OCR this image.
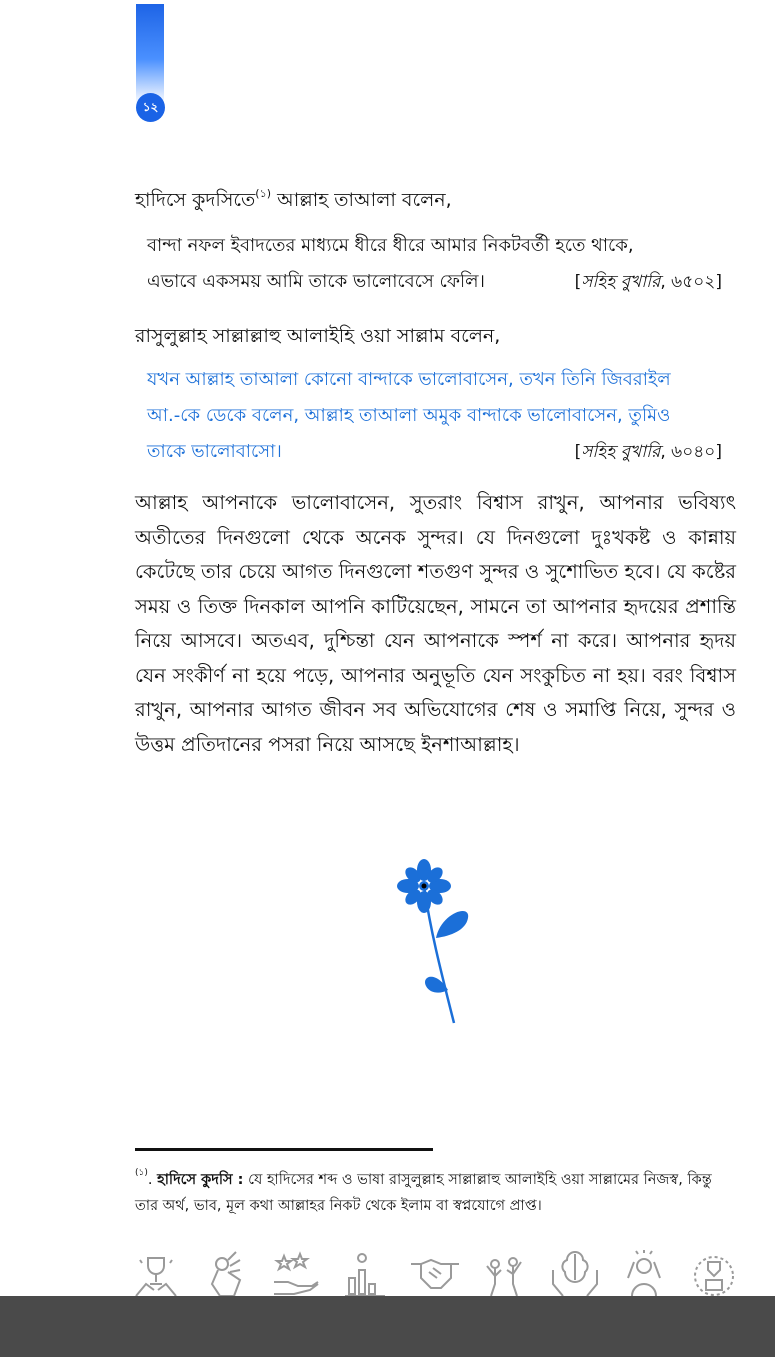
১২
হাদিসে কুদসিতে$^{(১)}$ আল্লাহ তাআলা বলেন,
বান্দা নফল ইবাদতের মাধ্যমে ধীরে ধীরে আমার নিকটবর্তী হতে থাকে,
এভাবে একসময় আমি তাকে ভালোবেসে ফেলি।	[সহিহ বুখারি, ৬৫০২]
রাসুলুল্লাহ সাল্লাল্লাহু আলাইহি ওয়া সাল্লাম বলেন,
যখন আল্লাহ তাআলা কোনো বান্দাকে ভালোবাসেন, তখন তিনি জিবরাইল
আ.-কে ডেকে বলেন, আল্লাহ তাআলা অমুক বান্দাকে ভালোবাসেন, তুমিও
তাকে ভালোবাসো।	[সহিহ বুখারি, ৬০৪০]
আল্লাহ আপনাকে ভালোবাসেন, সুতরাং বিশ্বাস রাখুন, আপনার ভবিষ্যৎ অতীতের দিনগুলো থেকে অনেক সুন্দর। যে দিনগুলো দুঃখকষ্ট ও কান্নায় কেটেছে তার চেয়ে আগত দিনগুলো শতগুণ সুন্দর ও সুশোভিত হবে। যে কষ্টের সময় ও তিক্ত দিনকাল আপনি কাটিয়েছেন, সামনে তা আপনার হৃদয়ের প্রশান্তি নিয়ে আসবে। অতএব, দুশ্চিন্তা যেন আপনাকে স্পর্শ না করে। আপনার হৃদয় যেন সংকীর্ণ না হয়ে পড়ে, আপনার অনুভূতি যেন সংকুচিত না হয়। বরং বিশ্বাস রাখুন, আপনার আগত জীবন সব অভিযোগের শেষ ও সমাপ্তি নিয়ে, সুন্দর ও উত্তম প্রতিদানের পসরা নিয়ে আসছে ইনশাআল্লাহ।
$^{(১)}$. হাদিসে কুদসি : যে হাদিসের শব্দ ও ভাষা রাসুলুল্লাহ সাল্লাল্লাহু আলাইহি ওয়া সাল্লামের নিজস্ব, কিন্তু তার অর্থ, ভাব, মূল কথা আল্লাহর নিকট থেকে ইলাম বা স্বপ্নযোগে প্রাপ্ত।
